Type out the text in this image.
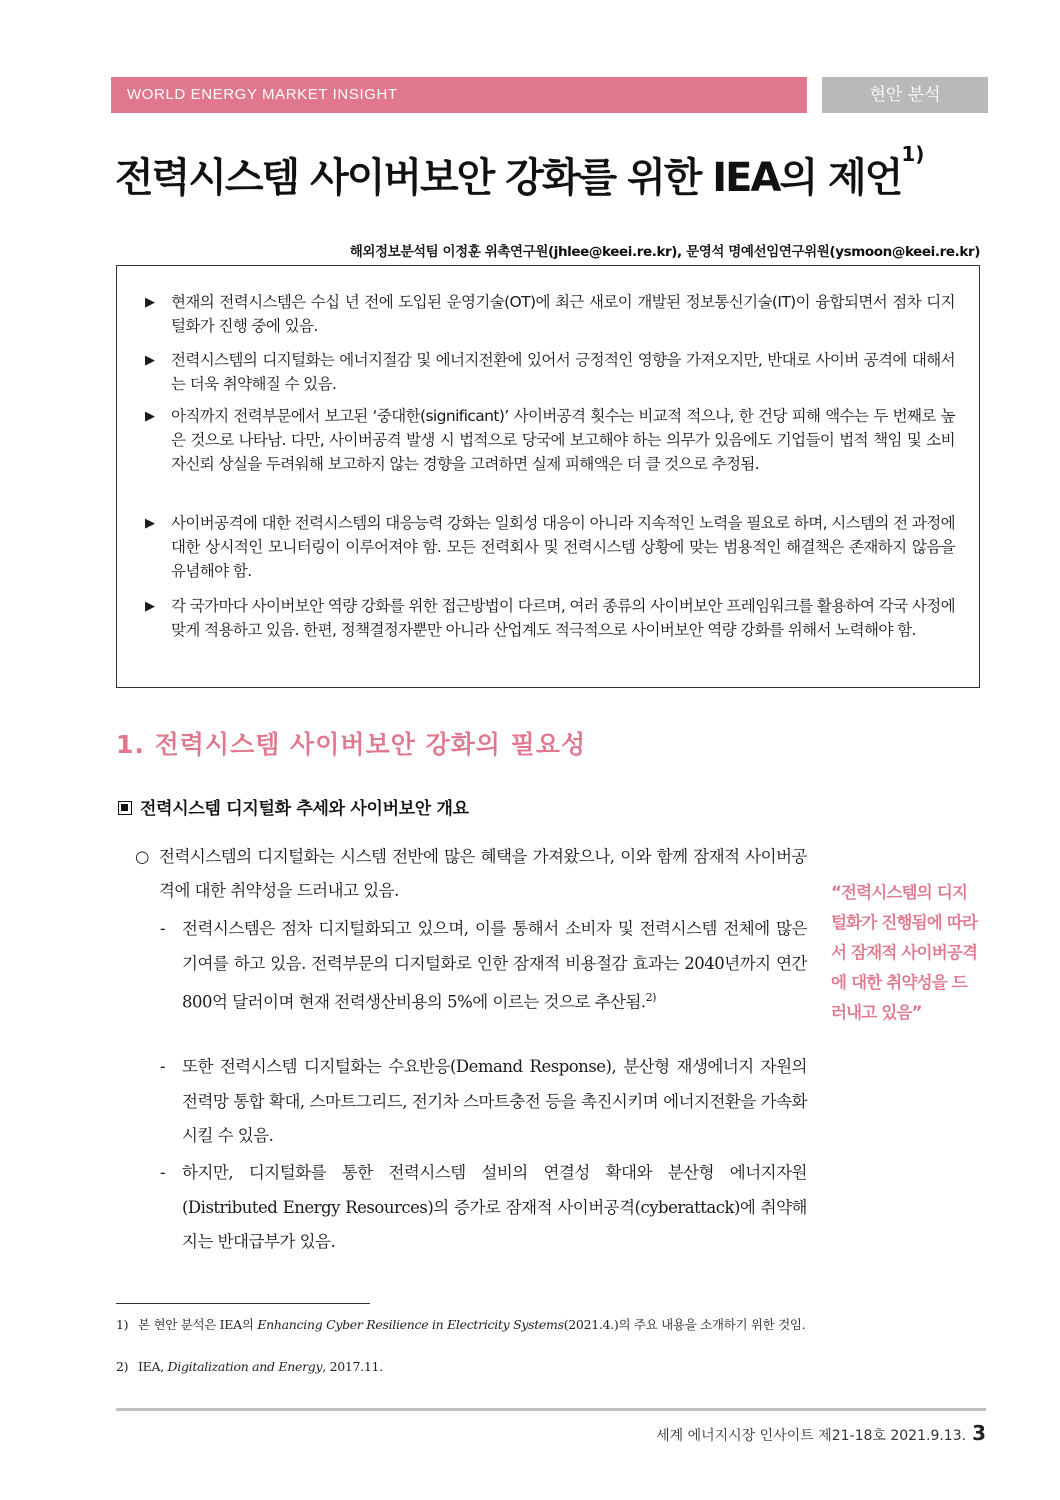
WORLD ENERGY MARKET INSIGHT	현안 분석
전력시스템 사이버보안 강화를 위한 IEA의 제언$^{1)}$
해외정보분석팀 이정훈 위촉연구원(jhlee@keei.re.kr), 문영석 명예선임연구위원(ysmoon@keei.re.kr)
▶	현재의 전력시스템은 수십 년 전에 도입된 운영기술(OT)에 최근 새로이 개발된 정보통신기술(IT)이 융합되면서 점차 디지털화가 진행 중에 있음.
▶	전력시스템의 디지털화는 에너지절감 및 에너지전환에 있어서 긍정적인 영향을 가져오지만, 반대로 사이버 공격에 대해서는 더욱 취약해질 수 있음.
▶	아직까지 전력부문에서 보고된 ‘중대한(significant)’ 사이버공격 횟수는 비교적 적으나, 한 건당 피해 액수는 두 번째로 높은 것으로 나타남. 다만, 사이버공격 발생 시 법적으로 당국에 보고해야 하는 의무가 있음에도 기업들이 법적 책임 및 소비자신뢰 상실을 두려워해 보고하지 않는 경향을 고려하면 실제 피해액은 더 클 것으로 추정됨.
▶	사이버공격에 대한 전력시스템의 대응능력 강화는 일회성 대응이 아니라 지속적인 노력을 필요로 하며, 시스템의 전 과정에 대한 상시적인 모니터링이 이루어져야 함. 모든 전력회사 및 전력시스템 상황에 맞는 범용적인 해결책은 존재하지 않음을 유념해야 함.
▶	각 국가마다 사이버보안 역량 강화를 위한 접근방법이 다르며, 여러 종류의 사이버보안 프레임워크를 활용하여 각국 사정에 맞게 적용하고 있음. 한편, 정책결정자뿐만 아니라 산업계도 적극적으로 사이버보안 역량 강화를 위해서 노력해야 함.
1. 전력시스템 사이버보안 강화의 필요성
전력시스템 디지털화 추세와 사이버보안 개요
○ 전력시스템의 디지털화는 시스템 전반에 많은 혜택을 가져왔으나, 이와 함께 잠재적 사이버공격에 대한 취약성을 드러내고 있음.
-	전력시스템은 점차 디지털화되고 있으며, 이를 통해서 소비자 및 전력시스템 전체에 많은 기여를 하고 있음. 전력부문의 디지털화로 인한 잠재적 비용절감 효과는 2040년까지 연간 800억 달러이며 현재 전력생산비용의 5%에 이르는 것으로 추산됨.$^{2)}$
-	또한 전력시스템 디지털화는 수요반응(Demand Response), 분산형 재생에너지 자원의 전력망 통합 확대, 스마트그리드, 전기차 스마트충전 등을 촉진시키며 에너지전환을 가속화시킬 수 있음.
-	하지만, 디지털화를 통한 전력시스템 설비의 연결성 확대와 분산형 에너지자원(Distributed Energy Resources)의 증가로 잠재적 사이버공격(cyberattack)에 취약해지는 반대급부가 있음.
“전력시스템의 디지털화가 진행됨에 따라서 잠재적 사이버공격에 대한 취약성을 드러내고 있음”
1) 본 현안 분석은 IEA의 Enhancing Cyber Resilience in Electricity Systems(2021.4.)의 주요 내용을 소개하기 위한 것임.
2) IEA, Digitalization and Energy, 2017.11.
세계 에너지시장 인사이트 제21-18호 2021.9.13. 3
